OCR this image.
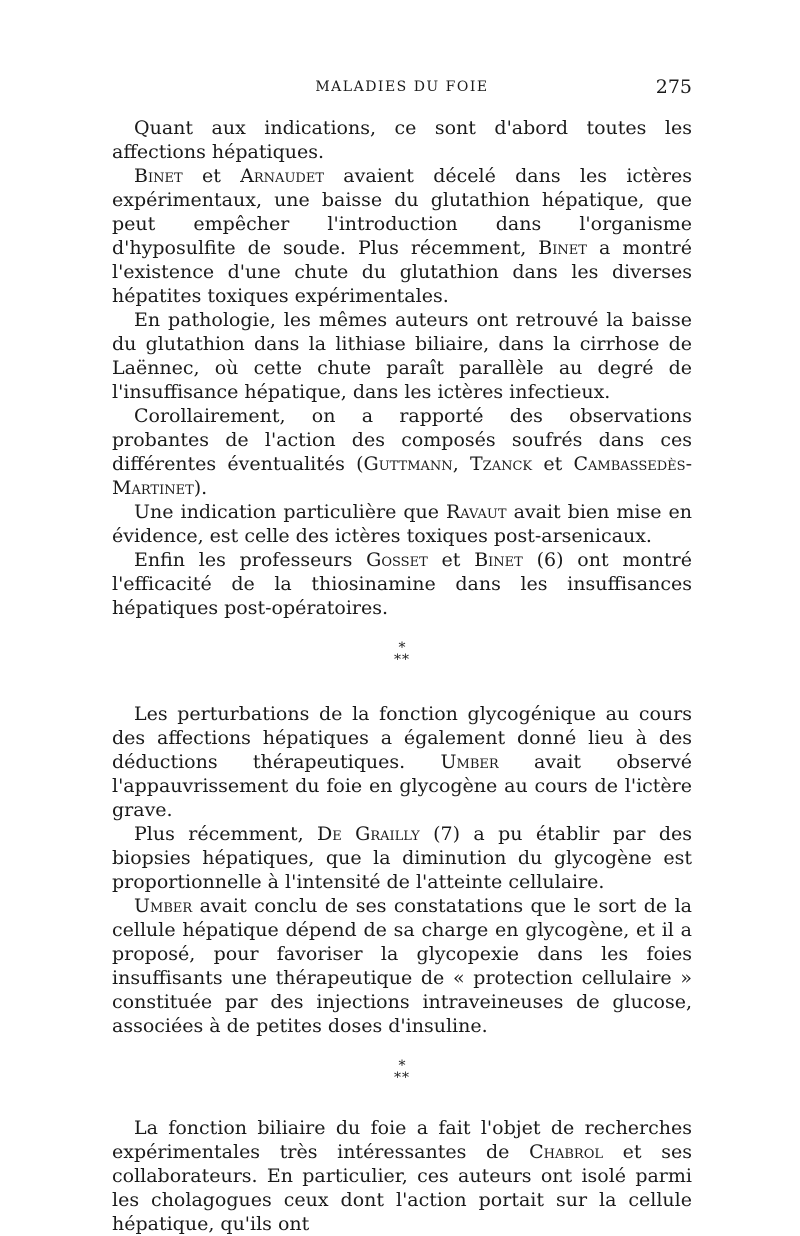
MALADIES DU FOIE	275

Quant aux indications, ce sont d'abord toutes les affections hépatiques.

Binet et Arnaudet avaient décelé dans les ictères expérimentaux, une baisse du glutathion hépatique, que peut empêcher l'introduction dans l'organisme d'hyposulfite de soude. Plus récemment, Binet a montré l'existence d'une chute du glutathion dans les diverses hépatites toxiques expérimentales.

En pathologie, les mêmes auteurs ont retrouvé la baisse du glutathion dans la lithiase biliaire, dans la cirrhose de Laënnec, où cette chute paraît parallèle au degré de l'insuffisance hépatique, dans les ictères infectieux.

Corollairement, on a rapporté des observations probantes de l'action des composés soufrés dans ces différentes éventualités (Guttmann, Tzanck et Cambassedès-Martinet).

Une indication particulière que Ravaut avait bien mise en évidence, est celle des ictères toxiques post-arsenicaux.

Enfin les professeurs Gosset et Binet (6) ont montré l'efficacité de la thiosinamine dans les insuffisances hépatiques post-opératoires.

*
**

Les perturbations de la fonction glycogénique au cours des affections hépatiques a également donné lieu à des déductions thérapeutiques. Umber avait observé l'appauvrissement du foie en glycogène au cours de l'ictère grave.

Plus récemment, De Grailly (7) a pu établir par des biopsies hépatiques, que la diminution du glycogène est proportionnelle à l'intensité de l'atteinte cellulaire.

Umber avait conclu de ses constatations que le sort de la cellule hépatique dépend de sa charge en glycogène, et il a proposé, pour favoriser la glycopexie dans les foies insuffisants une thérapeutique de « protection cellulaire » constituée par des injections intraveineuses de glucose, associées à de petites doses d'insuline.

*
**

La fonction biliaire du foie a fait l'objet de recherches expérimentales très intéressantes de Chabrol et ses collaborateurs. En particulier, ces auteurs ont isolé parmi les cholagogues ceux dont l'action portait sur la cellule hépatique, qu'ils ont
